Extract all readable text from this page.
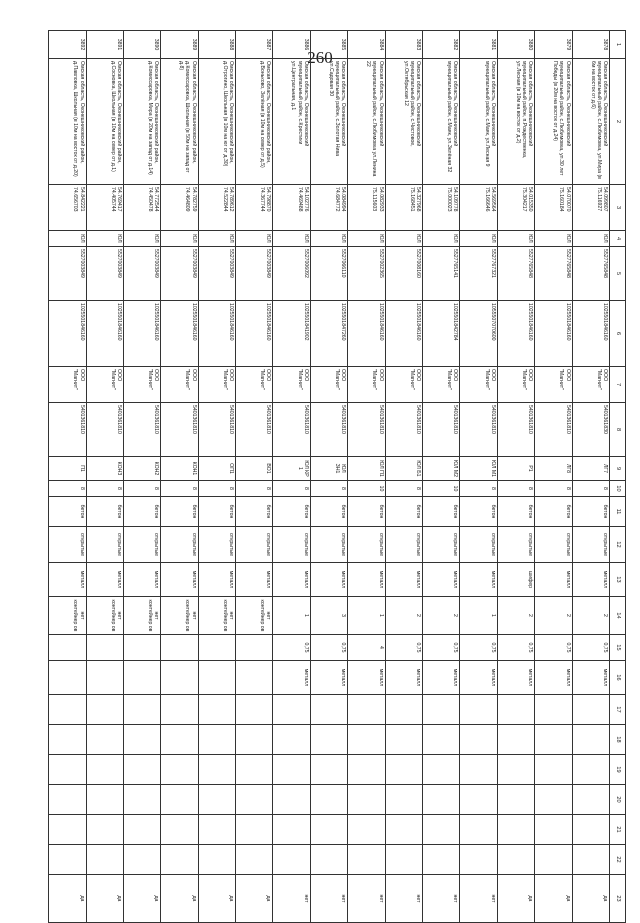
260
1	2	3	4	5	6	7	8	9	10	11	12	13	14	15	16	17	18	19	20	21	22	23
3878	Омская область, Оконешниковский муниципальный район, с.Любимовка, ул.Мира (в 6м на восток от д.6)	54.099807 75.116927	ЮЛ	5527765848	1025501846160	ООО "Магнит"	5401361830	ЛГ7	8	бетон	открытые	металл	2	0,75	металл							да
3879	Омская область, Оконешниковский муниципальный район, с.Любимовка, ул.30 лет Победы (в 20м на восток от д.24)	54.070070 75.160184	ЮЛ	5527765848	1025501846160	ООО "Магнит"	5401361810	ЛГ8	8	бетон	открытые	металл	2	0,75	металл							да
3880	Омская область, Оконешниковский муниципальный район, п.Рождественка, ул.Лесная (в 10м на восток от д.2)	54.015350 75.304217	ЮЛ	5527765848	1025501846160	ООО "Магнит"	5401361810	Р1	8	бетон	открытые	шифер	2	0,75	металл							да
3881	Омская область, Оконешниковский муниципальный район, с.Маяк, ул.Лесная 9	54.569564 75.166646	ЮЛ	5527767321	1055507070600	ООО "Магнит"	5401361810	ЮЛ М1	8	бетон	открытые	металл	1	0,75	металл							нет
3882	Омская область, Оконешниковский муниципальный район, с.Маяк, ул.Зелёная 32	54.109778 75.000023	ЮЛ	5527765141	1025501842784	ООО "Магнит"	5401361810	ЮЛ М2	10	бетон	открытые	металл	2	0,75	металл							нет
3883	Омская область, Оконешниковский муниципальный район, с.Чистовое, ул.Октябрьская 12	54.327968 75.168451	ЮЛ	5527008160	1025501846160	ООО "Магнит"	5401361810	ЮЛ Б1	8	бетон	открытые	металл	2	0,75	металл							нет
3884	Омская область, Оконешниковский муниципальный район, с.Любимовка ул.Ленина 22	54.082933 75.115603	ЮЛ	5527002365	1025501846160	ООО "Магнит"	5401361810	ЮЛ П1	10	бетон	открытые	металл	1	4	металл							нет
3885	Омская область, Оконешниковский муниципальный район, с.Золотая Нива ул.Садовая 30	54.084994 74.684772	ЮЛ	5527066110	1025501847260	ООО "Магнит"	5401361810	ЮЛ ЗН1	8	бетон	открытые	металл	3	0,75	металл							нет
3886	Омская область, Оконешниковский муниципальный район, с.Крестики ул.Центральная, д.1	54.102776 74.469488	ЮЛ	5527006092	1025501841902	ООО "Магнит"	5401361810	ЮЛ КР 1	8	бетон	открытые	металл	1	0,75	металл							нет
3887	Омская область, Оконешниковский район, д.Воньково, Зелёная (в 10м на север от д.5)	54.798870 74.367744	ЮЛ	5527003849	1025501846160	ООО "Магнит"	5401361810	ВО1	8	бетон	открытые	металл	нет контейнер ов									да
3888	Омская область, Оконешниковский район, д.Отрогино, Школьная (в 10м на юг от д.30)	54.789612 74.522844	ЮЛ	5527003849	1025501846160	ООО "Магнит"	5401361810	ОП1	8	бетон	открытые	металл	нет контейнер ов									да
3889	Омская область, Оконешниковский район, д.Комиссаровка, Школьная (в 50м на запад от д.8)	54.782759 74.464809	ЮЛ	5527003849	1025501846160	ООО "Магнит"	5401361810	КОН1	8	бетон	открытые	металл	нет контейнер ов									да
3890	Омская область, Оконешниковский район, д.Комиссаровка, Мира (в 20м на запад от д.14)	54.772544 74.450478	ЮЛ	5527003849	1025501846160	ООО "Магнит"	5401361810	КОН2	8	бетон	открытые	металл	нет контейнер ов									да
3891	Омская область, Оконешниковский район, д.Сосновка, Школьная (в 10м на север от д.1)	54.769417 74.405744	ЮЛ	5527003849	1025501846160	ООО "Магнит"	5401361810	КОН3	8	бетон	открытые	металл	нет контейнер ов									да
3892	Омская область, Оконешниковский район, д.Павловка, Школьная (в 10м на восток от д.20)	54.842221 74.656703	ЮЛ	5527003849	1025501846160	ООО "Магнит"	5401361810	П1	8	бетон	открытые	металл	нет контейнер ов									да
